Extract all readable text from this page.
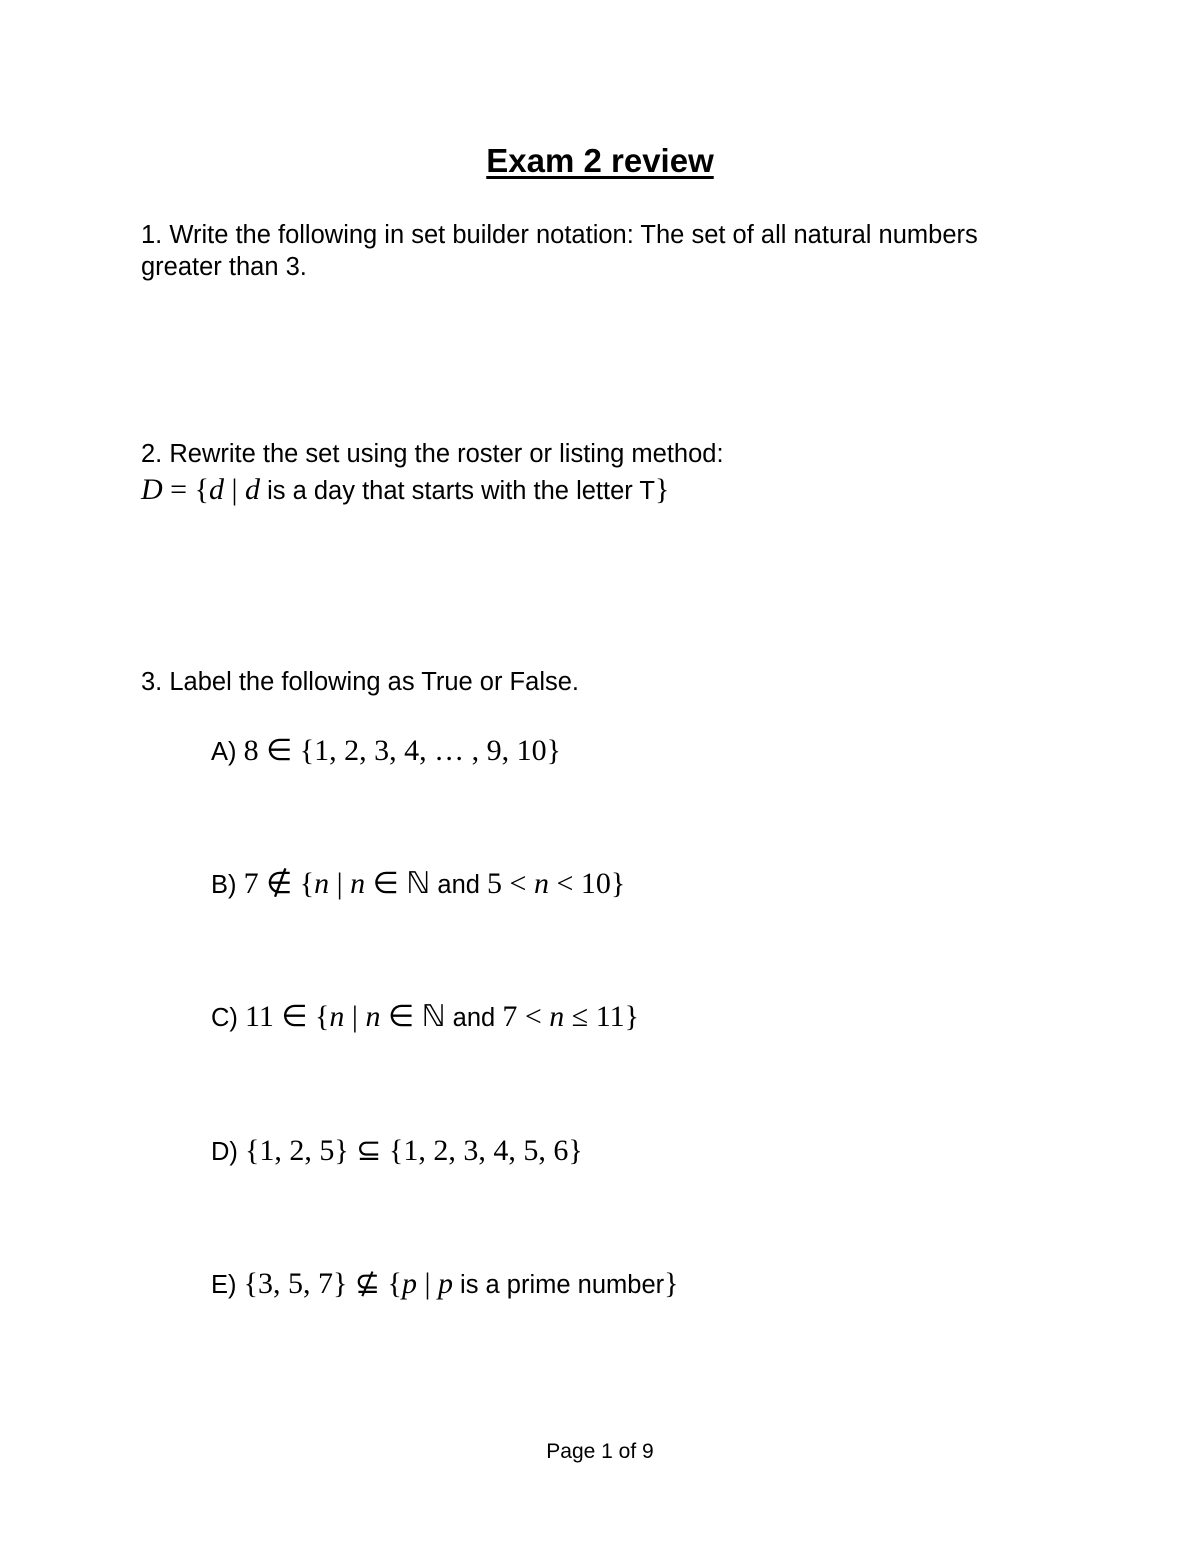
Exam 2 review
1. Write the following in set builder notation: The set of all natural numbers
greater than 3.
2. Rewrite the set using the roster or listing method:
D = {d | d is a day that starts with the letter T}
3. Label the following as True or False.
A) 8 ∈ {1, 2, 3, 4, … , 9, 10}
B) 7 ∉ {n | n ∈ ℕ and 5 < n < 10}
C) 11 ∈ {n | n ∈ ℕ and 7 < n ≤ 11}
D) {1, 2, 5} ⊆ {1, 2, 3, 4, 5, 6}
E) {3, 5, 7} ⊈ {p | p is a prime number}
Page 1 of 9
